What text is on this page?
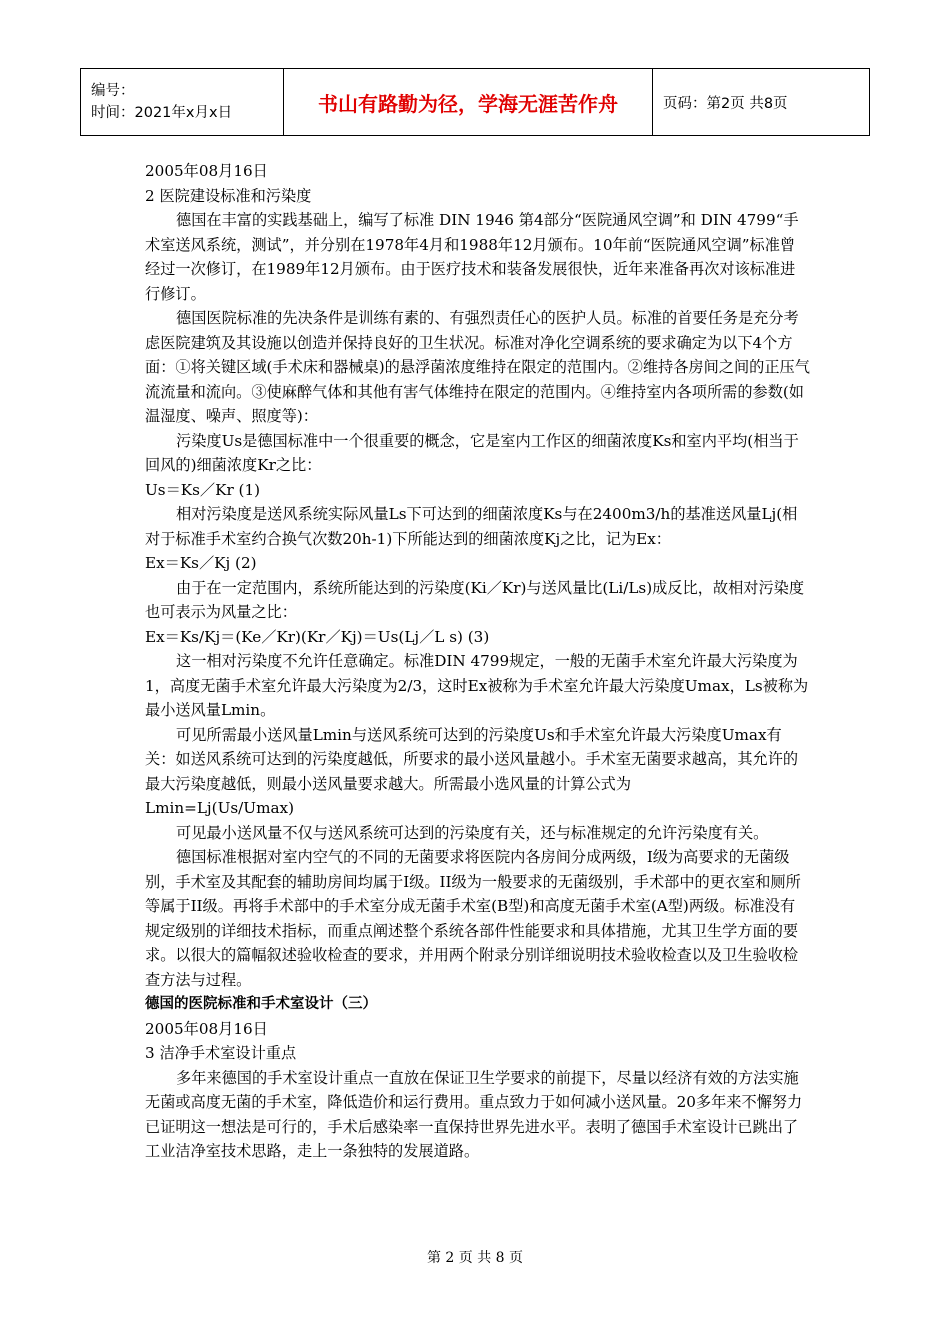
编号：
时间：2021年x月x日	书山有路勤为径，学海无涯苦作舟	页码：第2页 共8页

2005年08月16日

2 医院建设标准和污染度

德国在丰富的实践基础上，编写了标准 DIN 1946 第4部分“医院通风空调”和 DIN 4799“手术室送风系统，测试”，并分别在1978年4月和1988年12月颁布。10年前“医院通风空调”标准曾经过一次修订，在1989年12月颁布。由于医疗技术和装备发展很快，近年来准备再次对该标准进行修订。

德国医院标准的先决条件是训练有素的、有强烈责任心的医护人员。标准的首要任务是充分考虑医院建筑及其设施以创造并保持良好的卫生状况。标准对净化空调系统的要求确定为以下4个方面：①将关键区域(手术床和器械桌)的悬浮菌浓度维持在限定的范围内。②维持各房间之间的正压气流流量和流向。③使麻醉气体和其他有害气体维持在限定的范围内。④维持室内各项所需的参数(如温湿度、噪声、照度等)：

污染度Us是德国标准中一个很重要的概念，它是室内工作区的细菌浓度Ks和室内平均(相当于回风的)细菌浓度Kr之比：

Us＝Ks／Kr (1)

相对污染度是送风系统实际风量Ls下可达到的细菌浓度Ks与在2400m3/h的基准送风量Lj(相对于标准手术室约合换气次数20h-1)下所能达到的细菌浓度Kj之比，记为Ex：

Ex＝Ks／Kj (2)

由于在一定范围内，系统所能达到的污染度(Ki／Kr)与送风量比(Li/Ls)成反比，故相对污染度也可表示为风量之比：

Ex＝Ks/Kj＝(Ke／Kr)(Kr／Kj)＝Us(Lj／L s) (3)

这一相对污染度不允许任意确定。标准DIN 4799规定，一般的无菌手术室允许最大污染度为1，高度无菌手术室允许最大污染度为2/3，这时Ex被称为手术室允许最大污染度Umax，Ls被称为最小送风量Lmin。

可见所需最小送风量Lmin与送风系统可达到的污染度Us和手术室允许最大污染度Umax有关：如送风系统可达到的污染度越低，所要求的最小送风量越小。手术室无菌要求越高，其允许的最大污染度越低，则最小送风量要求越大。所需最小选风量的计算公式为

Lmin=Lj(Us/Umax)

可见最小送风量不仅与送风系统可达到的污染度有关，还与标准规定的允许污染度有关。

德国标准根据对室内空气的不同的无菌要求将医院内各房间分成两级，I级为高要求的无菌级别，手术室及其配套的辅助房间均属于I级。II级为一般要求的无菌级别，手术部中的更衣室和厕所等属于II级。再将手术部中的手术室分成无菌手术室(B型)和高度无菌手术室(A型)两级。标准没有规定级别的详细技术指标，而重点阐述整个系统各部件性能要求和具体措施，尤其卫生学方面的要求。以很大的篇幅叙述验收检查的要求，并用两个附录分别详细说明技术验收检查以及卫生验收检查方法与过程。

德国的医院标准和手术室设计（三）

2005年08月16日

3 洁净手术室设计重点

多年来德国的手术室设计重点一直放在保证卫生学要求的前提下，尽量以经济有效的方法实施无菌或高度无菌的手术室，降低造价和运行费用。重点致力于如何减小送风量。20多年来不懈努力已证明这一想法是可行的，手术后感染率一直保持世界先进水平。表明了德国手术室设计已跳出了工业洁净室技术思路，走上一条独特的发展道路。

第 2 页 共 8 页
